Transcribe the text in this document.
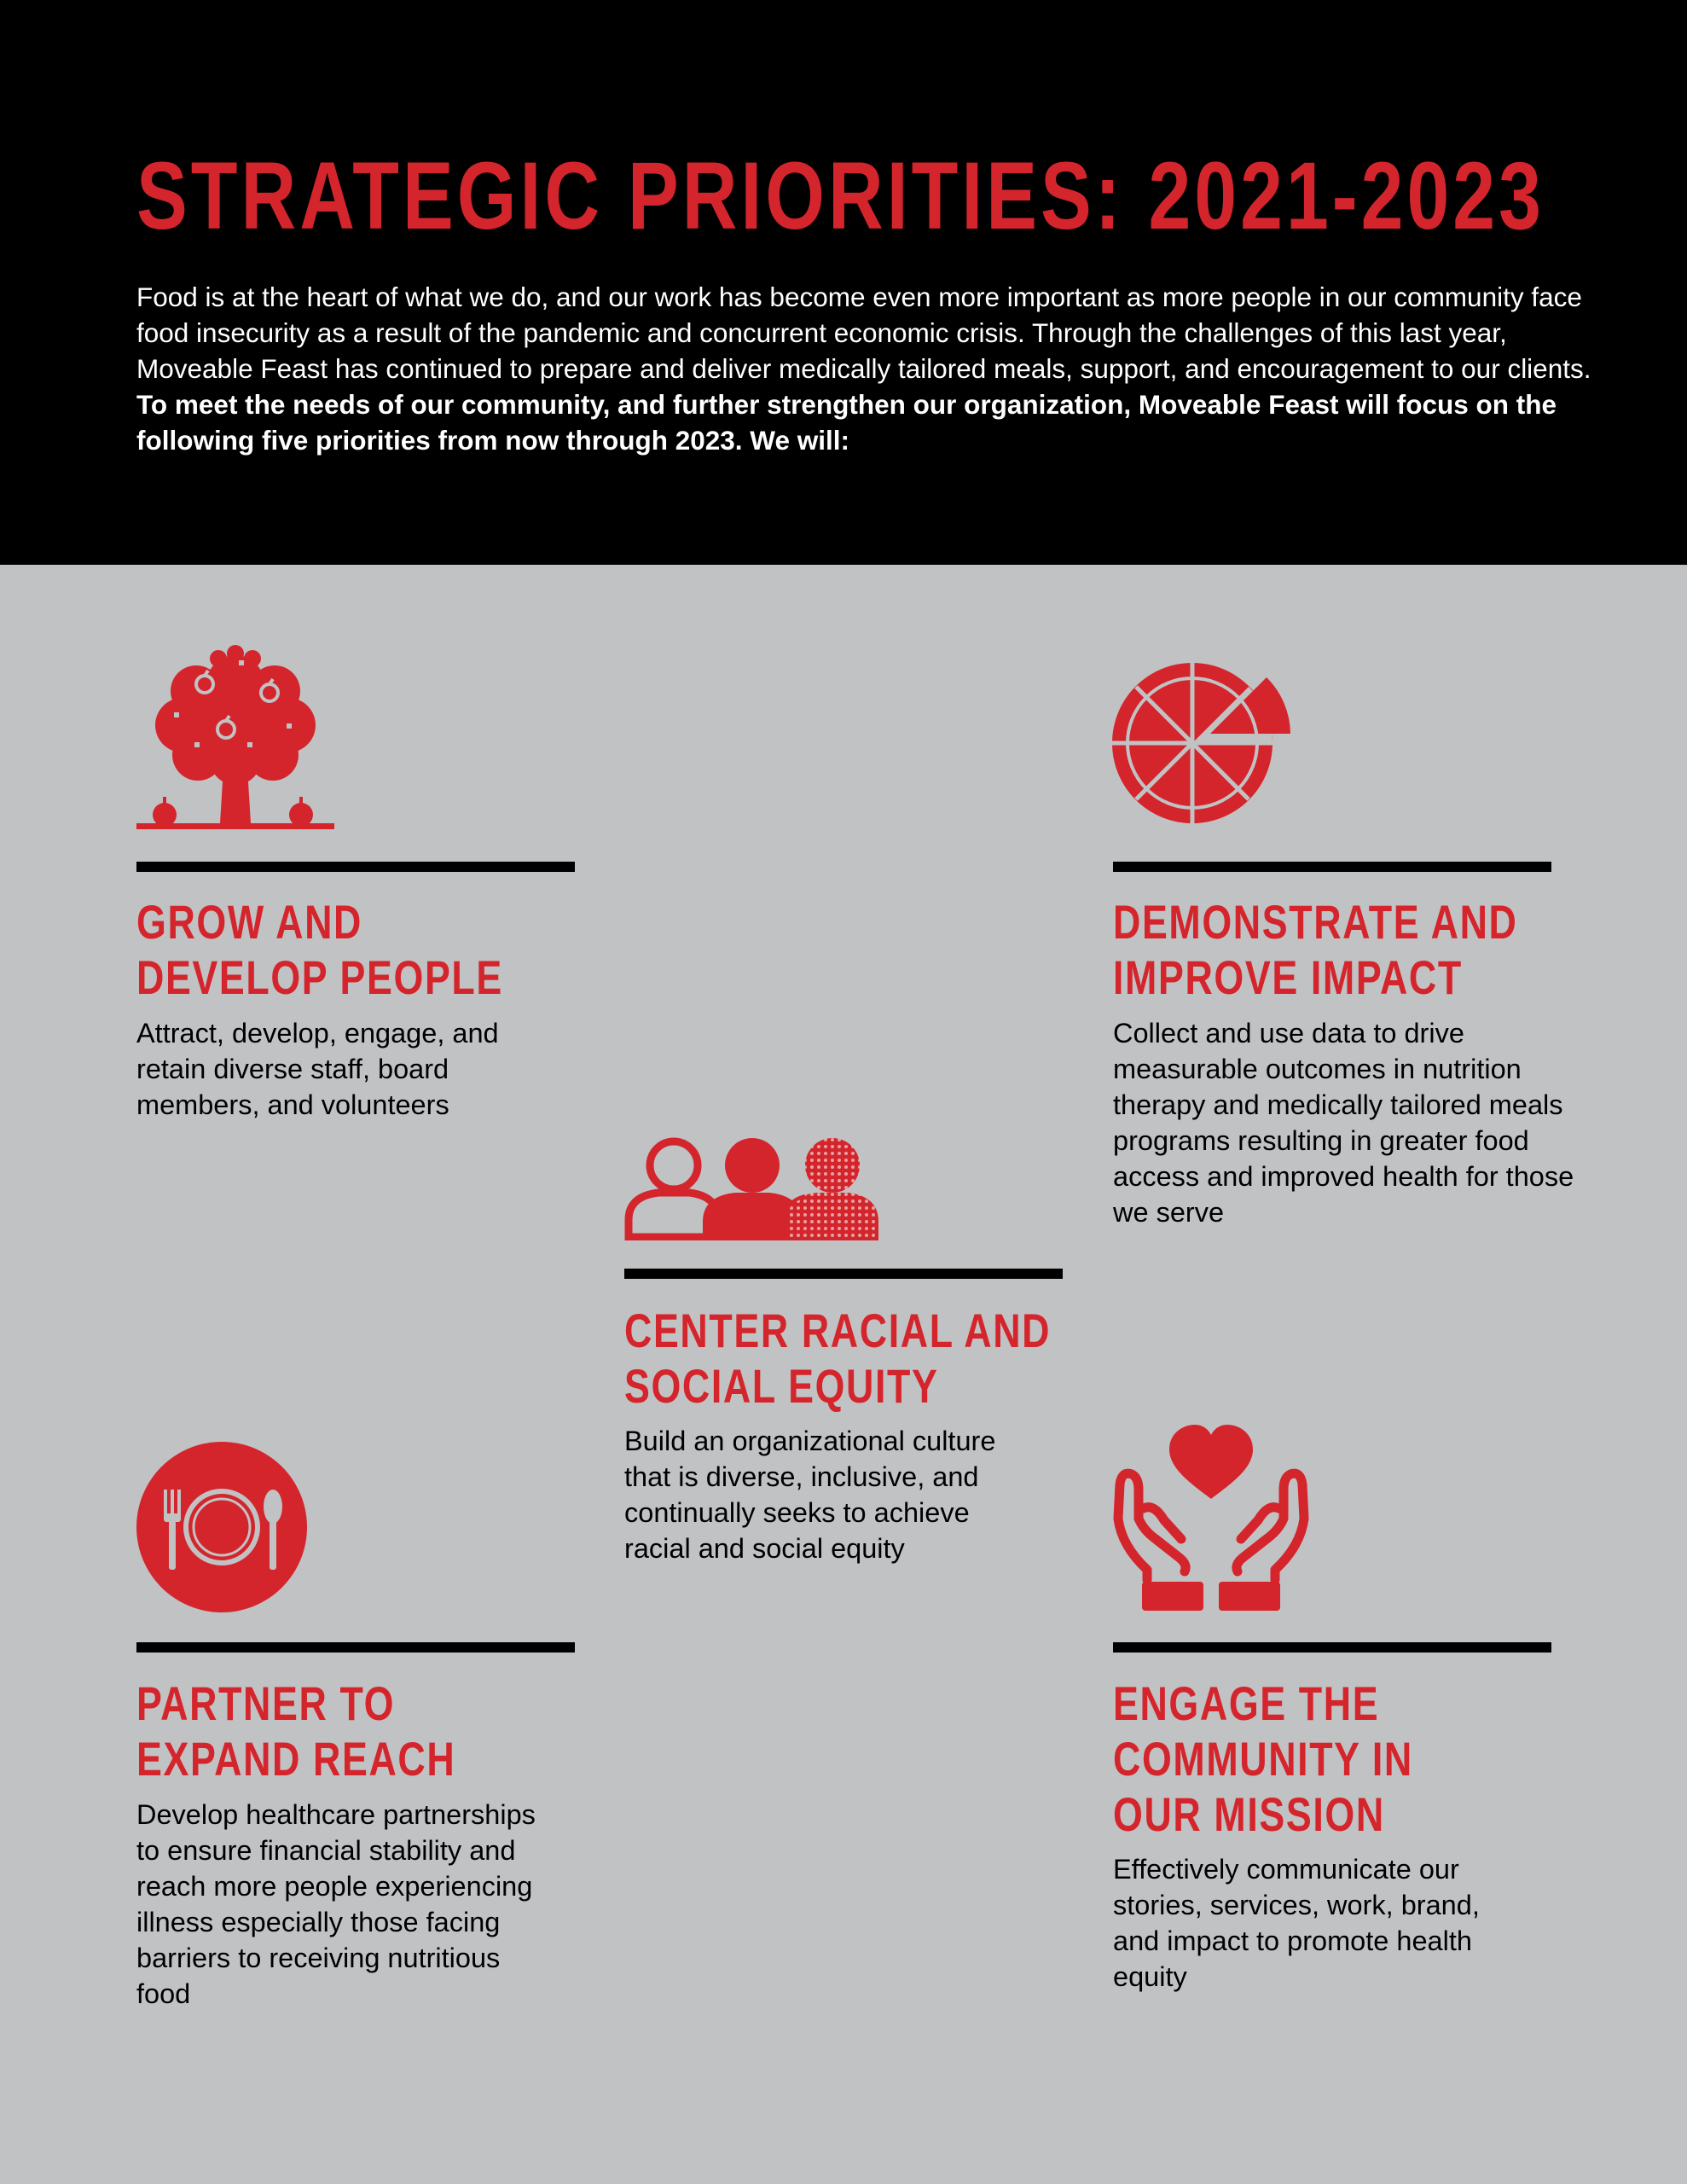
STRATEGIC PRIORITIES: 2021-2023

Food is at the heart of what we do, and our work has become even more important as more people in our community face food insecurity as a result of the pandemic and concurrent economic crisis. Through the challenges of this last year, Moveable Feast has continued to prepare and deliver medically tailored meals, support, and encouragement to our clients. To meet the needs of our community, and further strengthen our organization, Moveable Feast will focus on the following five priorities from now through 2023. We will:

GROW AND
DEVELOP PEOPLE

Attract, develop, engage, and retain diverse staff, board members, and volunteers

DEMONSTRATE AND
IMPROVE IMPACT

Collect and use data to drive measurable outcomes in nutrition therapy and medically tailored meals programs resulting in greater food access and improved health for those we serve

CENTER RACIAL AND
SOCIAL EQUITY

Build an organizational culture that is diverse, inclusive, and continually seeks to achieve racial and social equity

PARTNER TO
EXPAND REACH

Develop healthcare partnerships to ensure financial stability and reach more people experiencing illness especially those facing barriers to receiving nutritious food

ENGAGE THE
COMMUNITY IN
OUR MISSION

Effectively communicate our stories, services, work, brand, and impact to promote health equity
